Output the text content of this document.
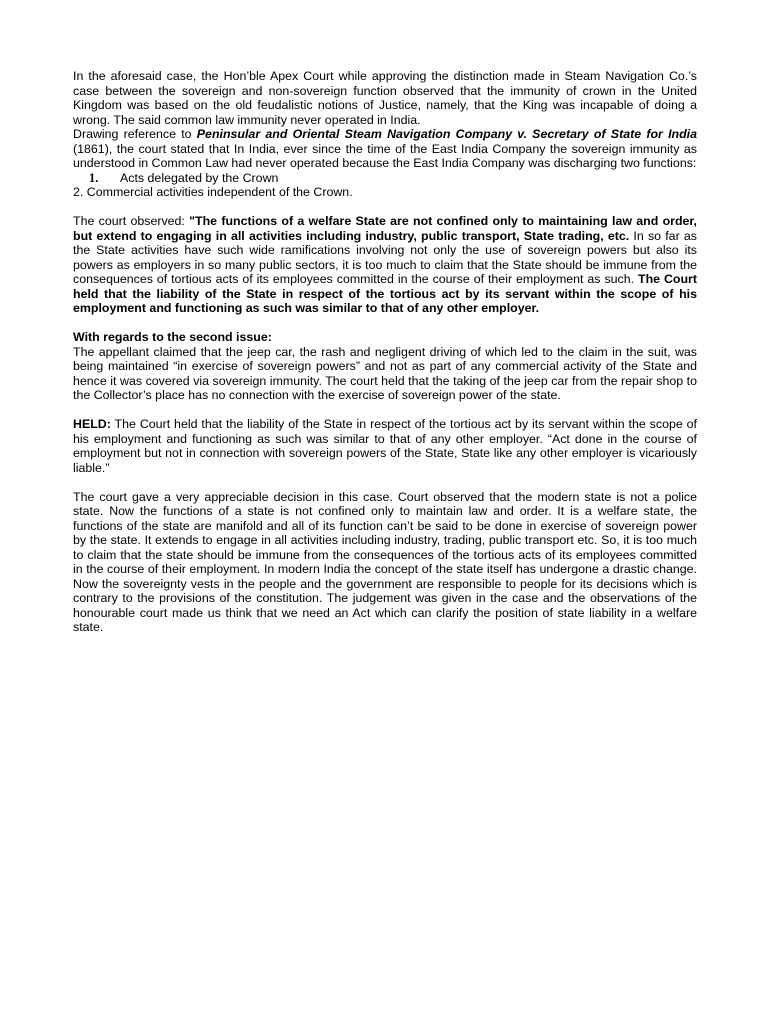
In the aforesaid case, the Hon’ble Apex Court while approving the distinction made in Steam Navigation Co.’s case between the sovereign and non-sovereign function observed that the immunity of crown in the United Kingdom was based on the old feudalistic notions of Justice, namely, that the King was incapable of doing a wrong. The said common law immunity never operated in India.

Drawing reference to Peninsular and Oriental Steam Navigation Company v. Secretary of State for India (1861), the court stated that In India, ever since the time of the East India Company the sovereign immunity as understood in Common Law had never operated because the East India Company was discharging two functions:

1. Acts delegated by the Crown
2. Commercial activities independent of the Crown.

The court observed: "The functions of a welfare State are not confined only to maintaining law and order, but extend to engaging in all activities including industry, public transport, State trading, etc. In so far as the State activities have such wide ramifications involving not only the use of sovereign powers but also its powers as employers in so many public sectors, it is too much to claim that the State should be immune from the consequences of tortious acts of its employees committed in the course of their employment as such. The Court held that the liability of the State in respect of the tortious act by its servant within the scope of his employment and functioning as such was similar to that of any other employer.

With regards to the second issue:

The appellant claimed that the jeep car, the rash and negligent driving of which led to the claim in the suit, was being maintained “in exercise of sovereign powers” and not as part of any commercial activity of the State and hence it was covered via sovereign immunity. The court held that the taking of the jeep car from the repair shop to the Collector’s place has no connection with the exercise of sovereign power of the state.

HELD: The Court held that the liability of the State in respect of the tortious act by its servant within the scope of his employment and functioning as such was similar to that of any other employer. “Act done in the course of employment but not in connection with sovereign powers of the State, State like any other employer is vicariously liable.”

The court gave a very appreciable decision in this case. Court observed that the modern state is not a police state. Now the functions of a state is not confined only to maintain law and order. It is a welfare state, the functions of the state are manifold and all of its function can’t be said to be done in exercise of sovereign power by the state. It extends to engage in all activities including industry, trading, public transport etc. So, it is too much to claim that the state should be immune from the consequences of the tortious acts of its employees committed in the course of their employment. In modern India the concept of the state itself has undergone a drastic change. Now the sovereignty vests in the people and the government are responsible to people for its decisions which is contrary to the provisions of the constitution. The judgement was given in the case and the observations of the honourable court made us think that we need an Act which can clarify the position of state liability in a welfare state.
